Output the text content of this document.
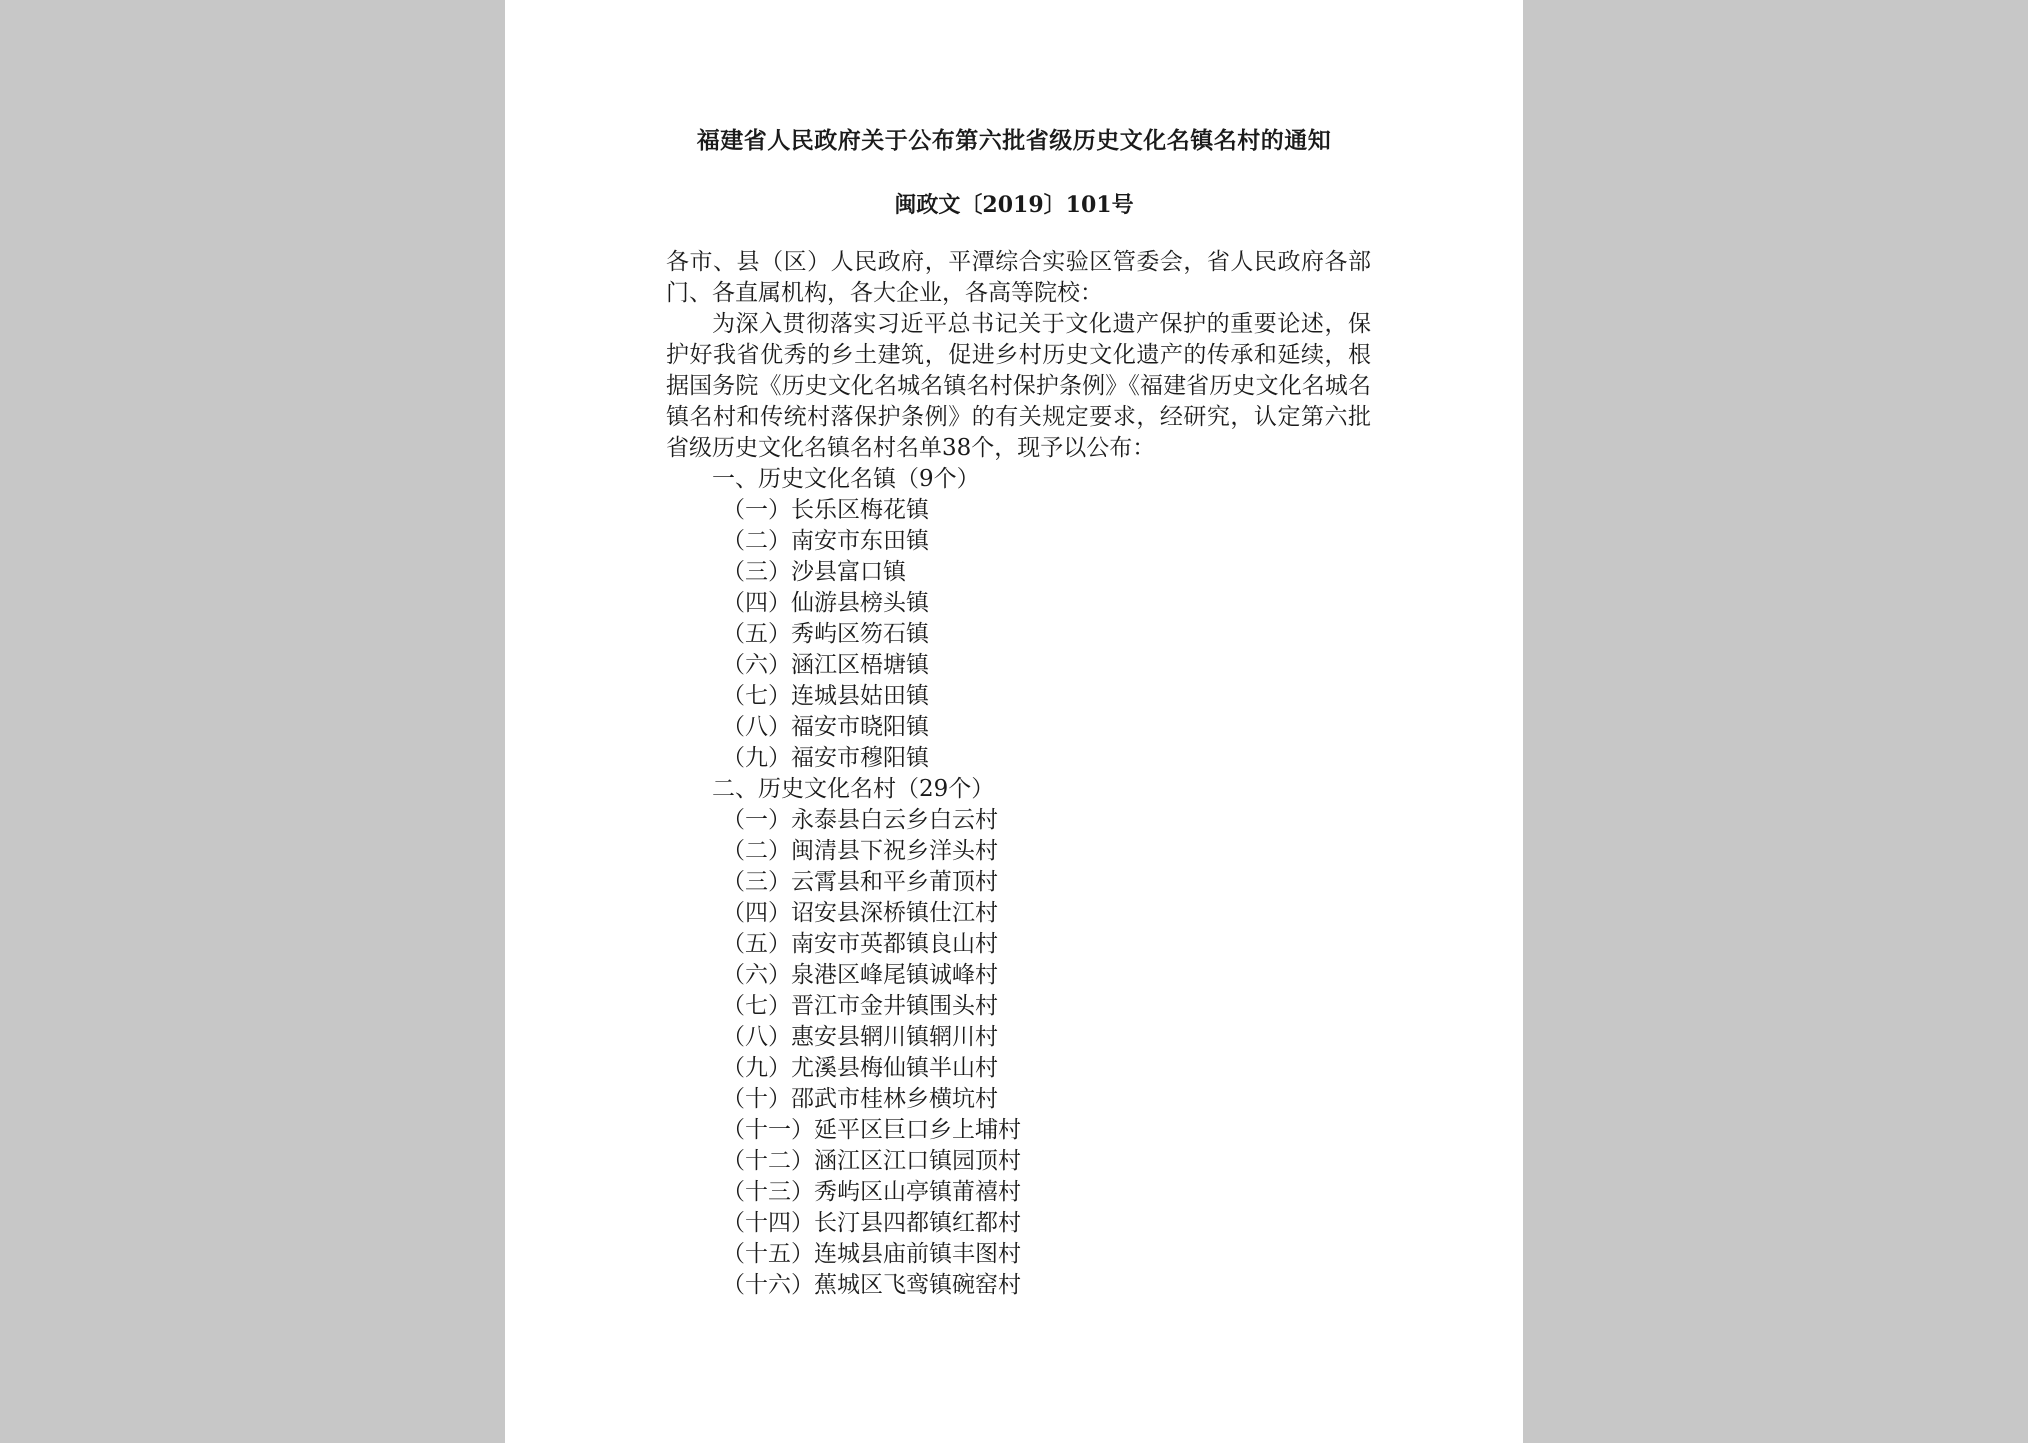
福建省人民政府关于公布第六批省级历史文化名镇名村的通知
闽政文〔2019〕101号

各市、县（区）人民政府，平潭综合实验区管委会，省人民政府各部门、各直属机构，各大企业，各高等院校：

为深入贯彻落实习近平总书记关于文化遗产保护的重要论述，保护好我省优秀的乡土建筑，促进乡村历史文化遗产的传承和延续，根据国务院《历史文化名城名镇名村保护条例》《福建省历史文化名城名镇名村和传统村落保护条例》的有关规定要求，经研究，认定第六批省级历史文化名镇名村名单38个，现予以公布：

一、历史文化名镇（9个）

（一）长乐区梅花镇
（二）南安市东田镇
（三）沙县富口镇
（四）仙游县榜头镇
（五）秀屿区笏石镇
（六）涵江区梧塘镇
（七）连城县姑田镇
（八）福安市晓阳镇
（九）福安市穆阳镇

二、历史文化名村（29个）

（一）永泰县白云乡白云村
（二）闽清县下祝乡洋头村
（三）云霄县和平乡莆顶村
（四）诏安县深桥镇仕江村
（五）南安市英都镇良山村
（六）泉港区峰尾镇诚峰村
（七）晋江市金井镇围头村
（八）惠安县辋川镇辋川村
（九）尤溪县梅仙镇半山村
（十）邵武市桂林乡横坑村
（十一）延平区巨口乡上埔村
（十二）涵江区江口镇园顶村
（十三）秀屿区山亭镇莆禧村
（十四）长汀县四都镇红都村
（十五）连城县庙前镇丰图村
（十六）蕉城区飞鸾镇碗窑村
